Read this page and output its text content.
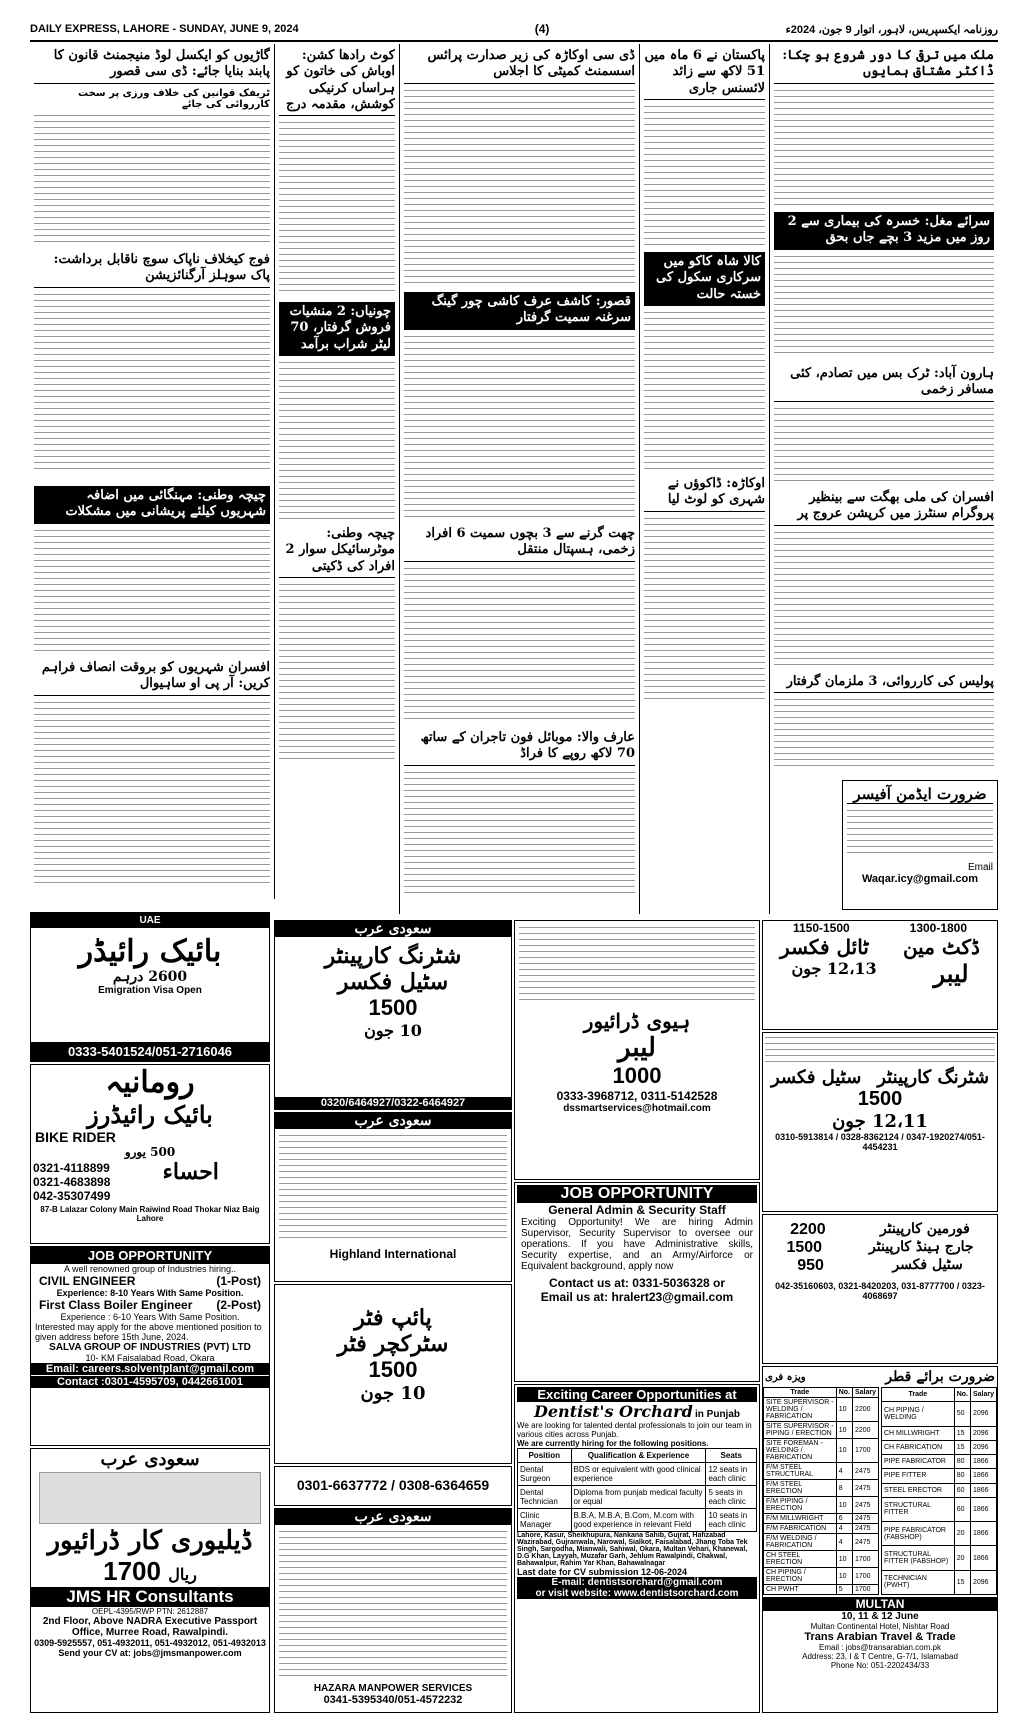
DAILY EXPRESS, LAHORE - SUNDAY, JUNE 9, 2024	(4)	روزنامہ ایکسپریس، لاہور، اتوار 9 جون، 2024ء
ملک میں ترقی کا دور شروع ہو چکا: ڈاکٹر مشتاق ہمایوں
سرائے مغل: خسرہ کی بیماری سے 2 روز میں مزید 3 بچے جاں بحق
ہارون آباد: ٹرک بس میں تصادم، کئی مسافر زخمی
افسران کی ملی بھگت سے بینظیر پروگرام سنٹرز میں کرپشن عروج پر
پولیس کی کارروائی، 3 ملزمان گرفتار
پاکستان نے 6 ماہ میں 51 لاکھ سے زائد لائسنس جاری
کالا شاہ کاکو میں سرکاری سکول کی خستہ حالت
اوکاڑہ: ڈاکوؤں نے شہری کو لوٹ لیا
ڈی سی اوکاڑہ کی زیر صدارت پرائس اسسمنٹ کمیٹی کا اجلاس
قصور: کاشف عرف کاشی چور گینگ سرغنہ سمیت گرفتار
چھت گرنے سے 3 بچوں سمیت 6 افراد زخمی، ہسپتال منتقل
عارف والا: موبائل فون تاجران کے ساتھ 70 لاکھ روپے کا فراڈ
کوٹ رادھا کشن: اوباش کی خاتون کو ہراساں کرنیکی کوشش، مقدمہ درج
چونیاں: 2 منشیات فروش گرفتار، 70 لیٹر شراب برآمد
چیچہ وطنی: موٹرسائیکل سوار 2 افراد کی ڈکیتی
گاڑیوں کو ایکسل لوڈ منیجمنٹ قانون کا پابند بنایا جائے: ڈی سی قصور
ٹریفک قوانین کی خلاف ورزی پر سخت کارروائی کی جائے
فوج کیخلاف ناپاک سوچ ناقابل برداشت: پاک سوہلز آرگنائزیشن
چیچہ وطنی: مہنگائی میں اضافہ شہریوں کیلئے پریشانی میں مشکلات
افسران شہریوں کو بروقت انصاف فراہم کریں: آر پی او ساہیوال
ضرورت ایڈمن آفیسر
Email
Waqar.icy@gmail.com
UAE
بائیک رائیڈر
2600 درہم
Emigration Visa Open
0333-5401524/051-2716046
رومانیہ
بائیک رائیڈرز
BIKE RIDER
500 یورو
0321-4118899
0321-4683898
042-35307499
احساء
87-B Lalazar Colony Main Raiwind Road Thokar Niaz Baig Lahore
JOB OPPORTUNITY
A well renowned group of Industries hiring..
CIVIL ENGINEER	(1-Post)
Experience: 8-10 Years With Same Position.
First Class Boiler Engineer (2-Post)
Experience : 6-10 Years With Same Position.
Interested may apply for the above mentioned position to given address before 15th June, 2024.
SALVA GROUP OF INDUSTRIES (PVT) LTD
10- KM Faisalabad Road, Okara
Email: careers.solventplant@gmail.com
Contact :0301-4595709, 0442661001
سعودی عرب
ڈیلیوری کار ڈرائیور
1700 ریال
JMS HR Consultants
OEPL-4395/RWP PTN: 2612887
2nd Floor, Above NADRA Executive Passport
Office, Murree Road, Rawalpindi.
0309-5925557, 051-4932011, 051-4932012, 051-4932013
Send your CV at: jobs@jmsmanpower.com
سعودی عرب
شٹرنگ کارپینٹر
سٹیل فکسر
1500
10 جون
0320/6464927/0322-6464927
سعودی عرب
Highland International
پائپ فٹر
سٹرکچر فٹر
1500
10 جون
0301-6637772 / 0308-6364659
سعودی عرب
HAZARA MANPOWER SERVICES
0341-5395340/051-4572232
ہیوی ڈرائیور
لیبر
1000
0333-3968712, 0311-5142528
dssmartservices@hotmail.com
JOB OPPORTUNITY
General Admin & Security Staff
Exciting Opportunity! We are hiring Admin Supervisor, Security Supervisor to oversee our operations. If you have Administrative skills, Security expertise, and an Army/Airforce or Equivalent background, apply now
Contact us at: 0331-5036328 or
Email us at: hralert23@gmail.com
Exciting Career Opportunities at
Dentist's Orchard in Punjab
We are looking for talented dental professionals to join our team in various cities across Punjab.
We are currently hiring for the following positions.
Position	Qualification & Experience	Seats
Dental Surgeon	BDS or equivalent with good clinical experience	12 seats in each clinic
Dental Technician	Diploma from punjab medical faculty or equal	5 seats in each clinic
Clinic Manager	B.B.A, M.B.A, B.Com, M.com with good experience in relevant Field	10 seats in each clinic
Lahore, Kasur, Sheikhupura, Nankana Sahib, Gujrat, Hafizabad Wazirabad, Gujranwala, Narowal, Sialkot, Faisalabad, Jhang Toba Tek Singh, Sargodha, Mianwali, Sahiwal, Okara, Multan Vehari, Khanewal, D.G Khan, Layyah, Muzafar Garh, Jehlum Rawalpindi, Chakwal, Bahawalpur, Rahim Yar Khan, Bahawalnagar
Last date for CV submission 12-06-2024
E-mail: dentistsorchard@gmail.com
or visit website: www.dentistsorchard.com
1150-1500	1300-1800
ٹائل فکسر ڈکٹ مین
12،13 جون لیبر
سٹیل فکسر شٹرنگ کارپینٹر
1500
12،11 جون
0310-5913814 / 0328-8362124 / 0347-1920274/051-4454231
2200	فورمین کارپینٹر
1500	جارج ہینڈ کارپینٹر
950	سٹیل فکسر
042-35160603, 0321-8420203, 031-8777700 / 0323-4068697
ویزہ فری	ضرورت برائے قطر
Trade	No.	Salary
SITE SUPERVISOR - WELDING / FABRICATION	10	2200
SITE SUPERVISOR - PIPING / ERECTION	10	2200
SITE FOREMAN - WELDING / FABRICATION	10	1700
F/M STEEL STRUCTURAL	4	2475
F/M STEEL ERECTION	8	2475
F/M PIPING / ERECTION	10	2475
F/M MILLWRIGHT	6	2475
F/M FABRICATION	4	2475
F/M WELDING / FABRICATION	4	2475
CH STEEL ERECTION	10	1700
CH PIPING / ERECTION	10	1700
CH PWHT	5	1700
Trade	No.	Salary
CH PIPING / WELDING	50	2096
CH MILLWRIGHT	15	2096
CH FABRICATION	15	2096
PIPE FABRICATOR	80	1866
PIPE FITTER	80	1866
STEEL ERECTOR	60	1866
STRUCTURAL FITTER	60	1866
PIPE FABRICATOR (FABSHOP)	20	1866
STRUCTURAL FITTER (FABSHOP)	20	1866
TECHNICIAN (PWHT)	15	2096
MULTAN
10, 11 & 12 June
Multan Continental Hotel, Nishtar Road
Trans Arabian Travel & Trade
Email : jobs@transarabian.com.pk
Address: 23, I & T Centre, G-7/1, Islamabad
Phone No: 051-2202434/33
